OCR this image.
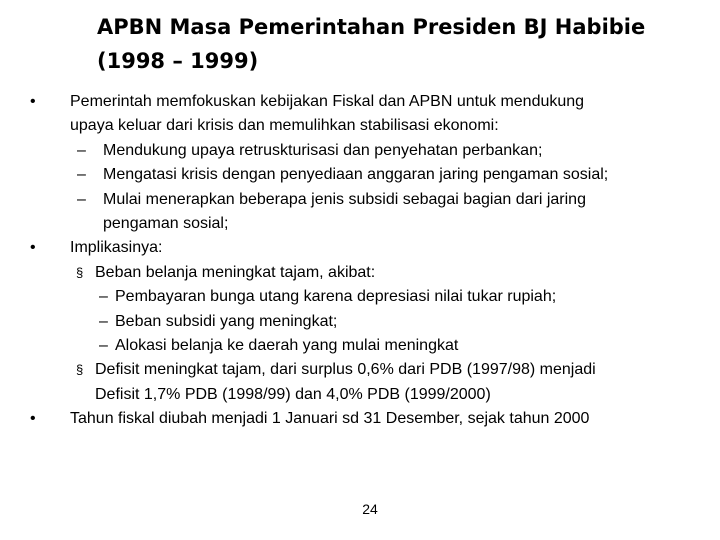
APBN Masa Pemerintahan Presiden BJ Habibie
(1998 – 1999)
• Pemerintah memfokuskan kebijakan Fiskal dan APBN untuk mendukung
upaya keluar dari krisis dan memulihkan stabilisasi ekonomi:
– Mendukung upaya retruskturisasi dan penyehatan perbankan;
– Mengatasi krisis dengan penyediaan anggaran jaring pengaman sosial;
– Mulai menerapkan beberapa jenis subsidi sebagai bagian dari jaring
pengaman sosial;
• Implikasinya:
§ Beban belanja meningkat tajam, akibat:
– Pembayaran bunga utang karena depresiasi nilai tukar rupiah;
– Beban subsidi yang meningkat;
– Alokasi belanja ke daerah yang mulai meningkat
§ Defisit meningkat tajam, dari surplus 0,6% dari PDB (1997/98) menjadi
Defisit 1,7% PDB (1998/99) dan 4,0% PDB (1999/2000)
• Tahun fiskal diubah menjadi 1 Januari sd 31 Desember, sejak tahun 2000
24
